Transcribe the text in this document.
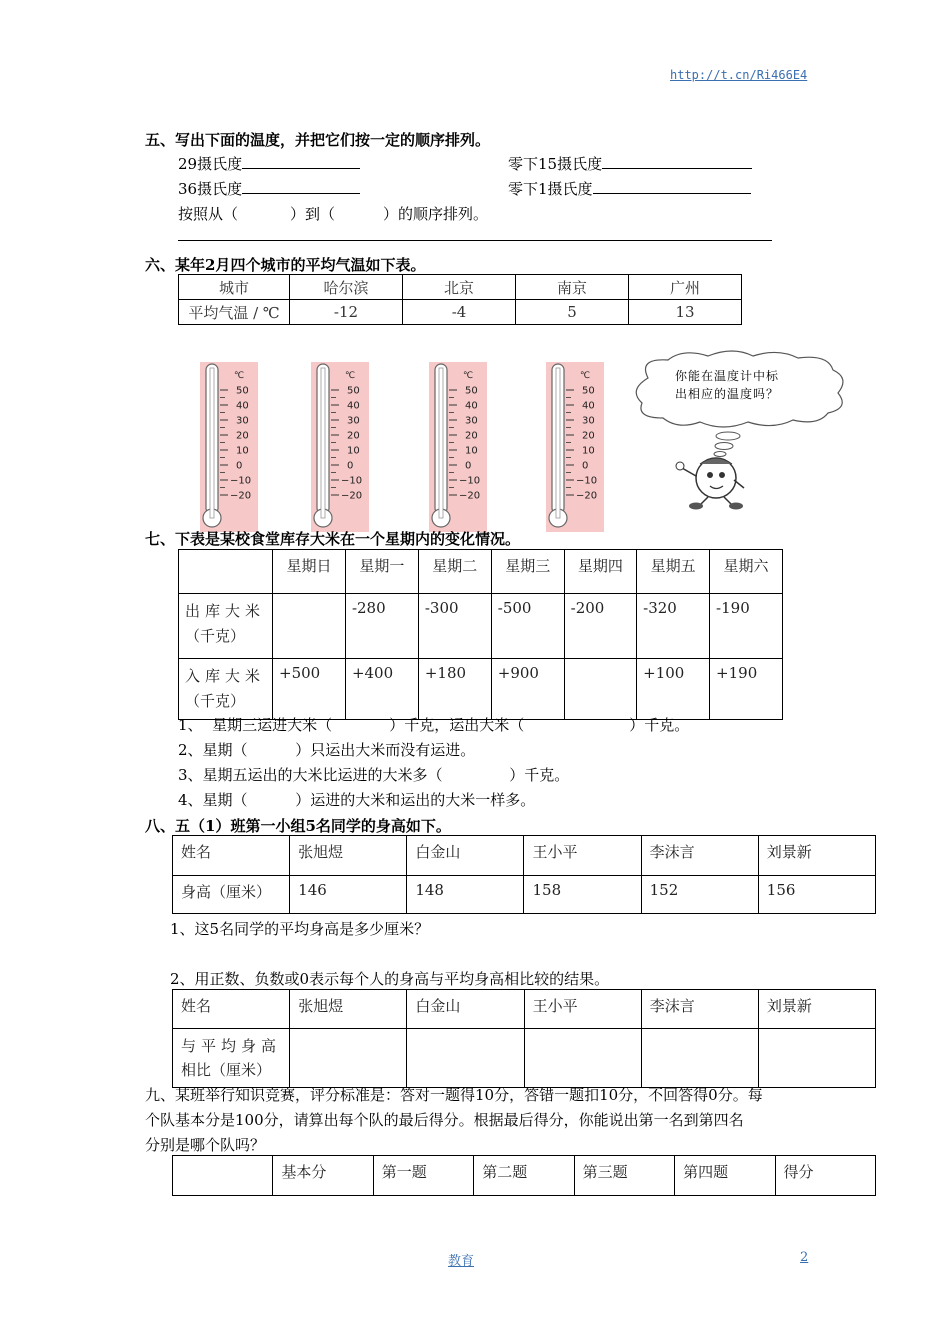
http://t.cn/Ri466E4
五、写出下面的温度，并把它们按一定的顺序排列。
29摄氏度	零下15摄氏度
36摄氏度	零下1摄氏度
按照从（	）到（	）的顺序排列。
六、某年2月四个城市的平均气温如下表。
城市	哈尔滨	北京	南京	广州
平均气温 / ℃	-12	-4	5	13
℃
50
40
30
20
10
0
−10
−20
℃
50
40
30
20
10
0
−10
−20
℃
50
40
30
20
10
0
−10
−20
℃
50
40
30
20
10
0
−10
−20
你能在温度计中标
出相应的温度吗？
七、下表是某校食堂库存大米在一个星期内的变化情况。
	星期日	星期一	星期二	星期三	星期四	星期五	星期六

出库大米
（千克）		-280	-300	-500	-200	-320	-190

入库大米
（千克）	+500	+400	+180	+900		+100	+190
1、  星期三运进大米（            ）千克，运出大米（                      ）千克。
2、星期（          ）只运出大米而没有运进。
3、星期五运出的大米比运进的大米多（              ）千克。
4、星期（          ）运进的大米和运出的大米一样多。
八、五（1）班第一小组5名同学的身高如下。
姓名	张旭煜	白金山	王小平	李沫言	刘景新
身高（厘米）	146	148	158	152	156
1、这5名同学的平均身高是多少厘米？
2、用正数、负数或0表示每个人的身高与平均身高相比较的结果。
姓名	张旭煜	白金山	王小平	李沫言	刘景新

与平均身高
相比（厘米）					

九、某班举行知识竞赛，评分标准是：答对一题得10分，答错一题扣10分，不回答得0分。每
个队基本分是100分，请算出每个队的最后得分。根据最后得分，你能说出第一名到第四名
分别是哪个队吗？
	基本分	第一题	第二题	第三题	第四题	得分
教育	2
